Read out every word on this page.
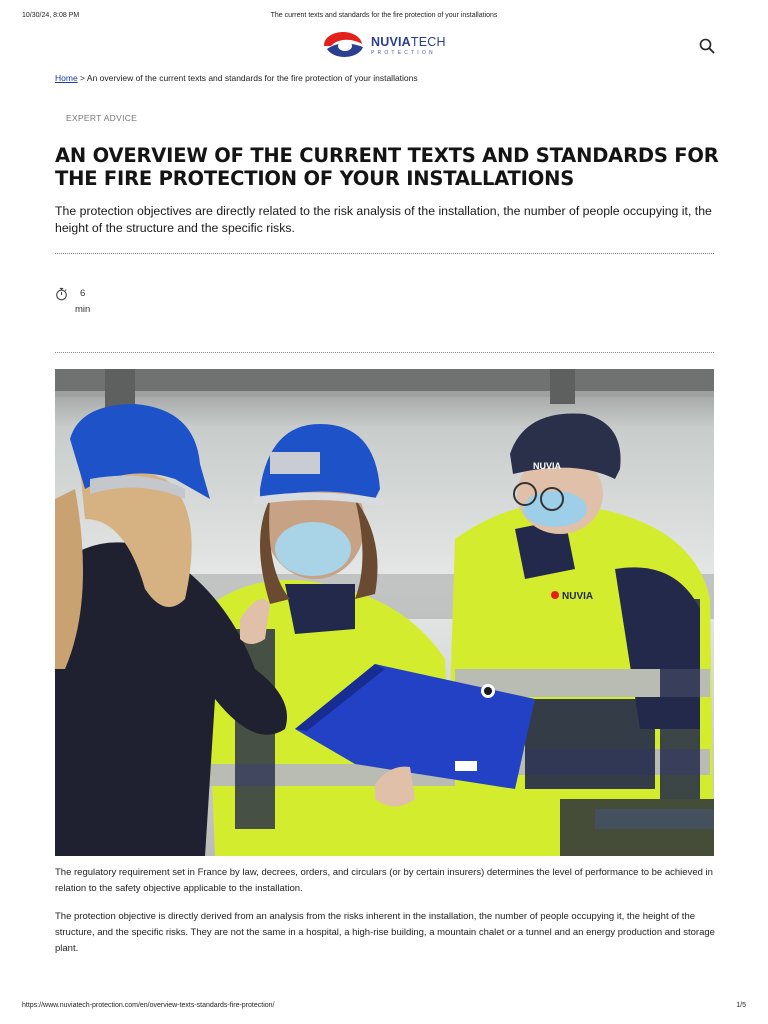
10/30/24, 8:08 PM	The current texts and standards for the fire protection of your installations
NUVIATECH
PROTECTION
Home > An overview of the current texts and standards for the fire protection of your installations
EXPERT ADVICE
AN OVERVIEW OF THE CURRENT TEXTS AND STANDARDS FOR THE FIRE PROTECTION OF YOUR INSTALLATIONS

The protection objectives are directly related to the risk analysis of the installation, the number of people occupying it, the height of the structure and the specific risks.

6
min
NUVIA
NUVIA

The regulatory requirement set in France by law, decrees, orders, and circulars (or by certain insurers) determines the level of performance to be achieved in relation to the safety objective applicable to the installation.

The protection objective is directly derived from an analysis from the risks inherent in the installation, the number of people occupying it, the height of the structure, and the specific risks. They are not the same in a hospital, a high-rise building, a mountain chalet or a tunnel and an energy production and storage plant.

https://www.nuviatech-protection.com/en/overview-texts-standards-fire-protection/	1/5
